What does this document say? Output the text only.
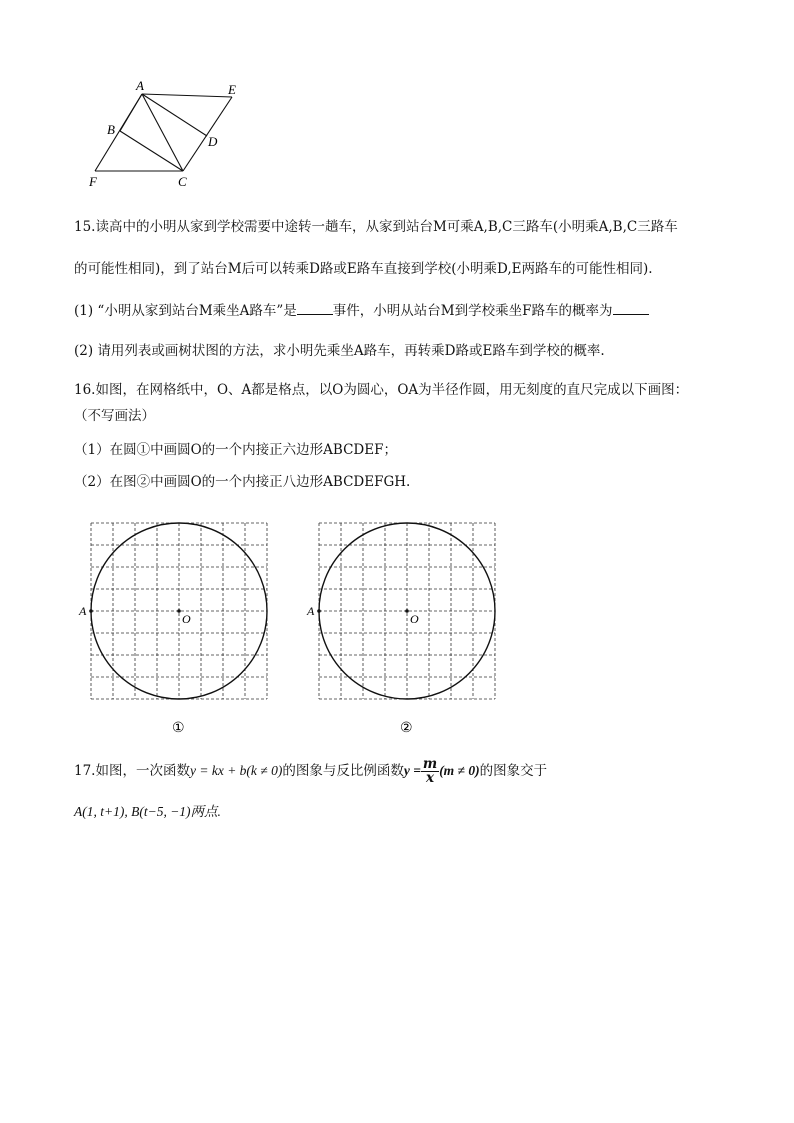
A	E
B
D
F	C
15.读高中的小明从家到学校需要中途转一趟车，从家到站台M可乘A,B,C三路车(小明乘A,B,C三路车
的可能性相同)，到了站台M后可以转乘D路或E路车直接到学校(小明乘D,E两路车的可能性相同).
(1) “小明从家到站台M乘坐A路车”是	事件，小明从站台M到学校乘坐F路车的概率为
(2) 请用列表或画树状图的方法，求小明先乘坐A路车，再转乘D路或E路车到学校的概率.
16.如图，在网格纸中，O、A都是格点，以O为圆心，OA为半径作圆，用无刻度的直尺完成以下画图：
（不写画法）
（1）在圆①中画圆O的一个内接正六边形ABCDEF；
（2）在图②中画圆O的一个内接正八边形ABCDEFGH.
A
O
①
A
O
②
17.如图，一次函数y = kx + b(k ≠ 0)的图象与反比例函数$y = \frac{m}{x} (m \ne 0)$的图象交于
A(1, t+1), B(t−5, −1)两点.
